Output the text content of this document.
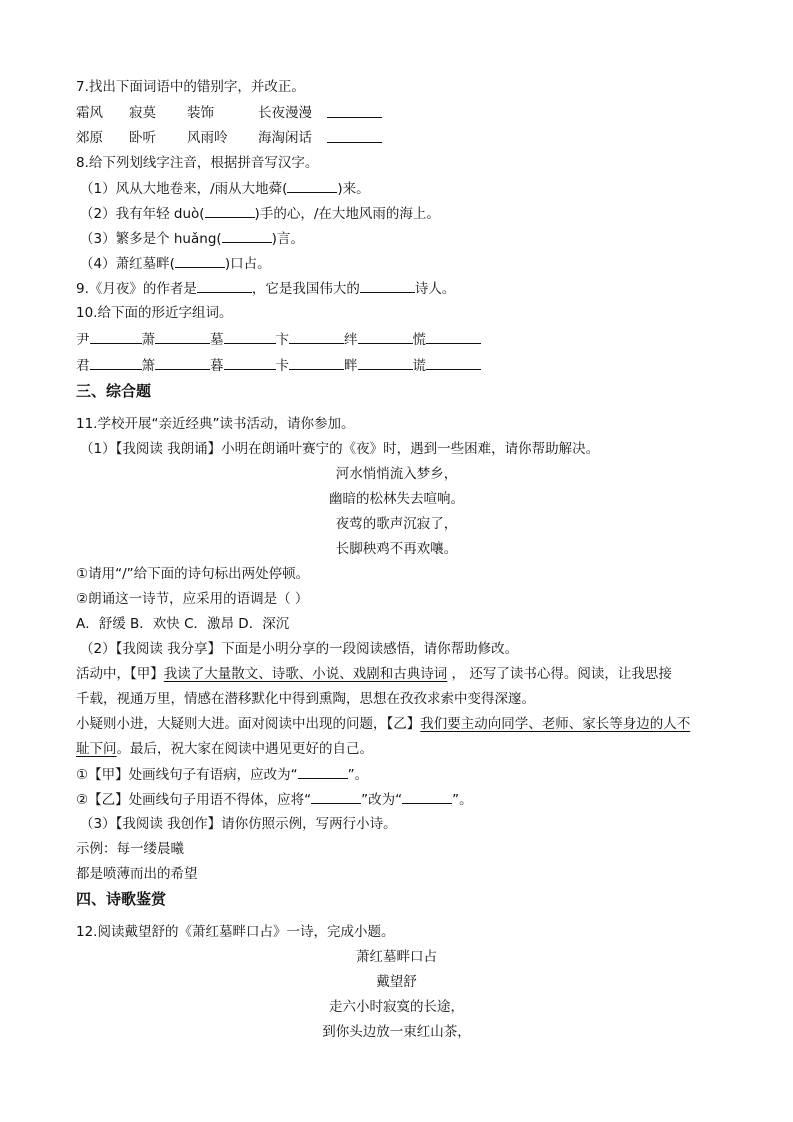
7.找出下面词语中的错别字，并改正。
霜风 寂莫 装饰	长夜漫漫
郊原 卧听 风雨呤 海淘闲话
8.给下列划线字注音，根据拼音写汉字。
（1）风从大地卷来，/雨从大地蕣(	)来。
（2）我有年轻 duò(	)手的心，/在大地风雨的海上。
（3）繁多是个 huǎng(	)言。
（4）萧红墓畔(	)口占。
9.《月夜》的作者是	，它是我国伟大的	诗人。
10.给下面的形近字组词。
尹	萧	墓	卞	绊	慌
君	箫	暮	卡	畔	谎
三、综合题
11.学校开展“亲近经典”读书活动，请你参加。
（1）【我阅读 我朗诵】小明在朗诵叶赛宁的《夜》时，遇到一些困难，请你帮助解决。
河水悄悄流入梦乡，
幽暗的松林失去喧响。
夜莺的歌声沉寂了，
长脚秧鸡不再欢嚷。
①请用“/”给下面的诗句标出两处停顿。
②朗诵这一诗节，应采用的语调是（ ）
A．舒缓 B．欢快 C．激昂 D．深沉
（2）【我阅读 我分享】下面是小明分享的一段阅读感悟，请你帮助修改。
活动中，【甲】我读了大量散文、诗歌、小说、戏剧和古典诗词 ， 还写了读书心得。阅读，让我思接
千载，视通万里，情感在潜移默化中得到熏陶，思想在孜孜求索中变得深邃。
小疑则小进，大疑则大进。面对阅读中出现的问题，【乙】我们要主动向同学、老师、家长等身边的人不
耻下问。最后，祝大家在阅读中遇见更好的自己。
①【甲】处画线句子有语病，应改为“	”。
②【乙】处画线句子用语不得体，应将“	”改为“	”。
（3）【我阅读 我创作】请你仿照示例，写两行小诗。
示例：每一缕晨曦
都是喷薄而出的希望
四、诗歌鉴赏
12.阅读戴望舒的《萧红墓畔口占》一诗，完成小题。
萧红墓畔口占
戴望舒
走六小时寂寞的长途，
到你头边放一束红山茶，
